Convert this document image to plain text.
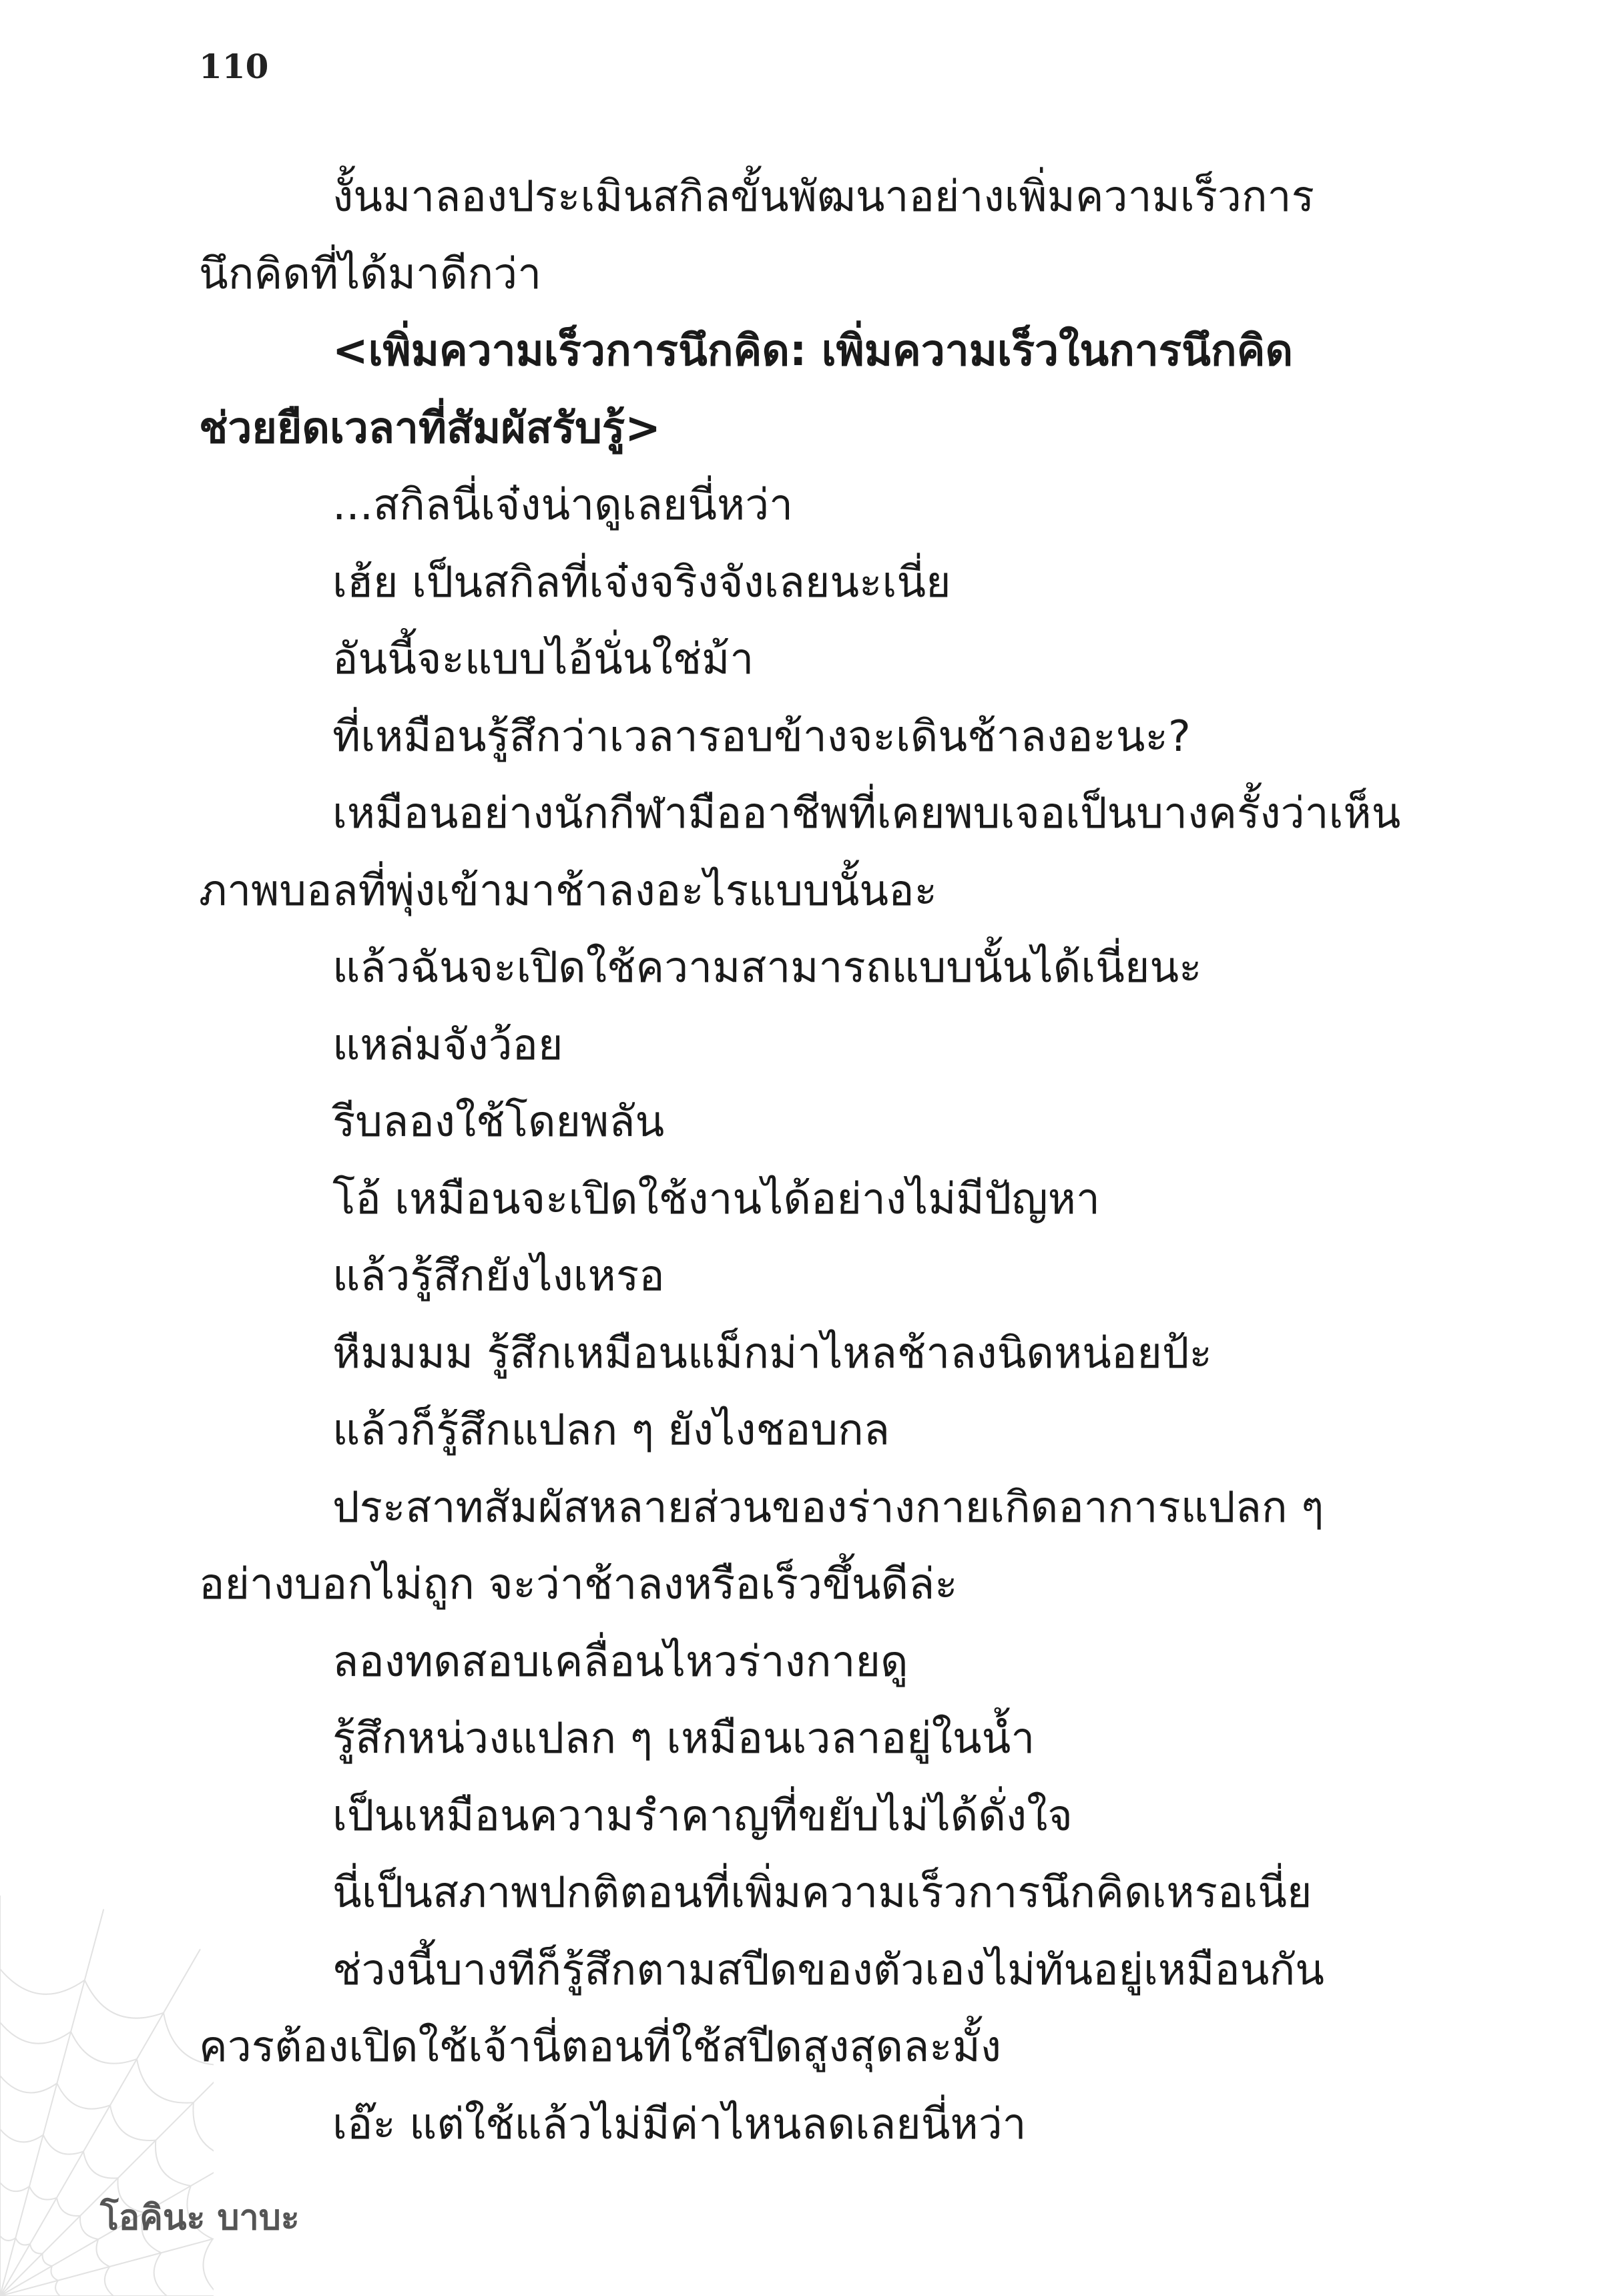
110
งั้นมาลองประเมินสกิลขั้นพัฒนาอย่างเพิ่มความเร็วการ
นึกคิดที่ได้มาดีกว่า
<เพิ่มความเร็วการนึกคิด: เพิ่มความเร็วในการนึกคิด
ช่วยยืดเวลาที่สัมผัสรับรู้>
...สกิลนี่เจ๋งน่าดูเลยนี่หว่า
เฮ้ย เป็นสกิลที่เจ๋งจริงจังเลยนะเนี่ย
อันนี้จะแบบไอ้นั่นใช่ม้า
ที่เหมือนรู้สึกว่าเวลารอบข้างจะเดินช้าลงอะนะ?
เหมือนอย่างนักกีฬามืออาชีพที่เคยพบเจอเป็นบางครั้งว่าเห็น
ภาพบอลที่พุ่งเข้ามาช้าลงอะไรแบบนั้นอะ
แล้วฉันจะเปิดใช้ความสามารถแบบนั้นได้เนี่ยนะ
แหล่มจังว้อย
รีบลองใช้โดยพลัน
โอ้ เหมือนจะเปิดใช้งานได้อย่างไม่มีปัญหา
แล้วรู้สึกยังไงเหรอ
หืมมมม รู้สึกเหมือนแม็กม่าไหลช้าลงนิดหน่อยป้ะ
แล้วก็รู้สึกแปลก ๆ ยังไงชอบกล
ประสาทสัมผัสหลายส่วนของร่างกายเกิดอาการแปลก ๆ
อย่างบอกไม่ถูก จะว่าช้าลงหรือเร็วขึ้นดีล่ะ
ลองทดสอบเคลื่อนไหวร่างกายดู
รู้สึกหน่วงแปลก ๆ เหมือนเวลาอยู่ในน้ำ
เป็นเหมือนความรำคาญที่ขยับไม่ได้ดั่งใจ
นี่เป็นสภาพปกติตอนที่เพิ่มความเร็วการนึกคิดเหรอเนี่ย
ช่วงนี้บางทีก็รู้สึกตามสปีดของตัวเองไม่ทันอยู่เหมือนกัน
ควรต้องเปิดใช้เจ้านี่ตอนที่ใช้สปีดสูงสุดละมั้ง
เอ๊ะ แต่ใช้แล้วไม่มีค่าไหนลดเลยนี่หว่า
โอคินะ บาบะ
